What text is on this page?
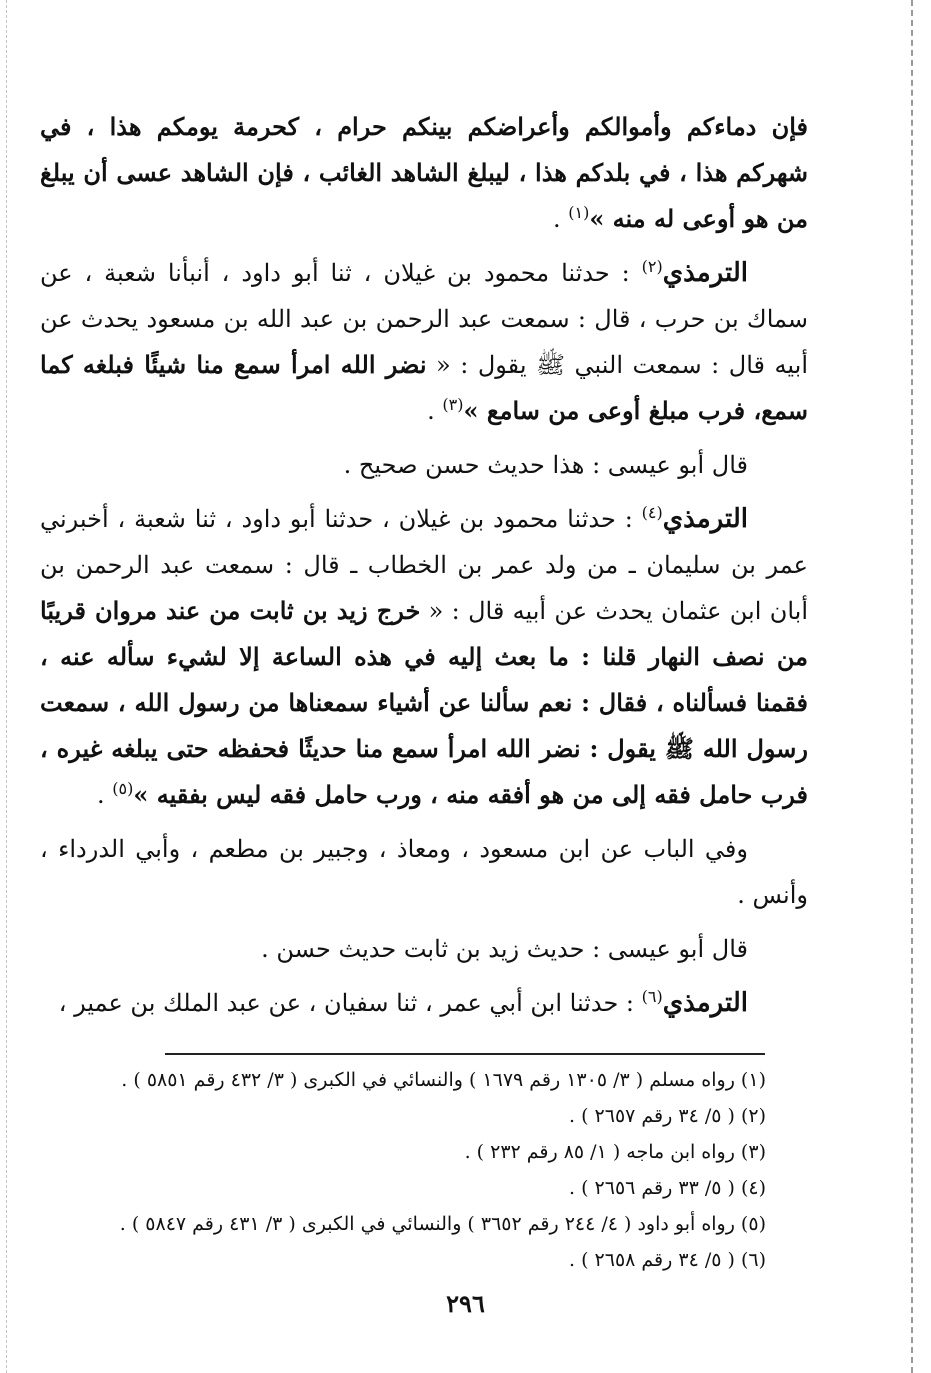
فإن دماءكم وأموالكم وأعراضكم بينكم حرام ، كحرمة يومكم هذا ، في شهركم هذا ، في بلدكم هذا ، ليبلغ الشاهد الغائب ، فإن الشاهد عسى أن يبلغ من هو أوعى له منه »$^{(١)}$ .

الترمذي$^{(٢)}$ : حدثنا محمود بن غيلان ، ثنا أبو داود ، أنبأنا شعبة ، عن سماك بن حرب ، قال : سمعت عبد الرحمن بن عبد الله بن مسعود يحدث عن أبيه قال : سمعت النبي ﷺ يقول : « نضر الله امرأ سمع منا شيئًا فبلغه كما سمع، فرب مبلغ أوعى من سامع »$^{(٣)}$ .

قال أبو عيسى : هذا حديث حسن صحيح .

الترمذي$^{(٤)}$ : حدثنا محمود بن غيلان ، حدثنا أبو داود ، ثنا شعبة ، أخبرني عمر بن سليمان ـ من ولد عمر بن الخطاب ـ قال : سمعت عبد الرحمن بن أبان ابن عثمان يحدث عن أبيه قال : « خرج زيد بن ثابت من عند مروان قريبًا من نصف النهار قلنا : ما بعث إليه في هذه الساعة إلا لشيء سأله عنه ، فقمنا فسألناه ، فقال : نعم سألنا عن أشياء سمعناها من رسول الله ، سمعت رسول الله ﷺ يقول : نضر الله امرأ سمع منا حديثًا فحفظه حتى يبلغه غيره ، فرب حامل فقه إلى من هو أفقه منه ، ورب حامل فقه ليس بفقيه »$^{(٥)}$ .

وفي الباب عن ابن مسعود ، ومعاذ ، وجبير بن مطعم ، وأبي الدرداء ، وأنس .

قال أبو عيسى : حديث زيد بن ثابت حديث حسن .

الترمذي$^{(٦)}$ : حدثنا ابن أبي عمر ، ثنا سفيان ، عن عبد الملك بن عمير ،

(١) رواه مسلم ( ٣/ ١٣٠٥ رقم ١٦٧٩ ) والنسائي في الكبرى ( ٣/ ٤٣٢ رقم ٥٨٥١ ) .

(٢) ( ٥/ ٣٤ رقم ٢٦٥٧ ) .

(٣) رواه ابن ماجه ( ١/ ٨٥ رقم ٢٣٢ ) .

(٤) ( ٥/ ٣٣ رقم ٢٦٥٦ ) .

(٥) رواه أبو داود ( ٤/ ٢٤٤ رقم ٣٦٥٢ ) والنسائي في الكبرى ( ٣/ ٤٣١ رقم ٥٨٤٧ ) .

(٦) ( ٥/ ٣٤ رقم ٢٦٥٨ ) .

٢٩٦
